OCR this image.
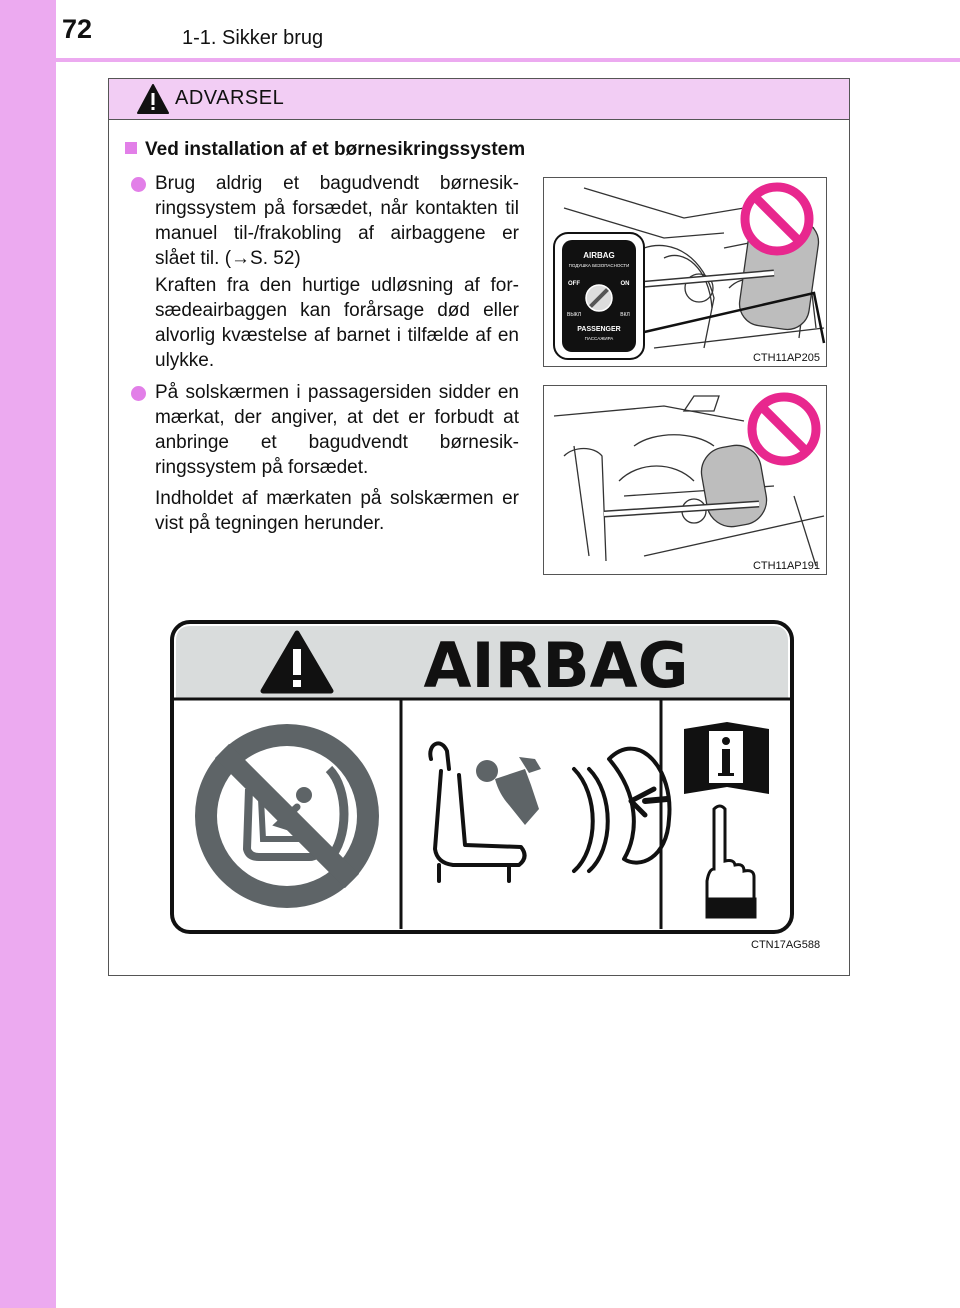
72	1-1. Sikker brug
ADVARSEL
Ved installation af et børnesikringssystem
Brug aldrig et bagudvendt børnesik-ringssystem på forsædet, når kontakten til manuel til-/frakobling af airbaggene er slået til. (→S. 52)
Kraften fra den hurtige udløsning af for-sædeairbaggen kan forårsage død eller alvorlig kvæstelse af barnet i tilfælde af en ulykke.
På solskærmen i passagersiden sidder en mærkat, der angiver, at det er forbudt at anbringe et bagudvendt børnesik-ringssystem på forsædet.
Indholdet af mærkaten på solskærmen er vist på tegningen herunder.
AIRBAG
ПОДУШКА БЕЗОПАСНОСТИ
OFF	ON
ВЫКЛ	ВКЛ
PASSENGER
ПАССАЖИРА
CTH11AP205
CTH11AP191
AIRBAG
CTN17AG588
